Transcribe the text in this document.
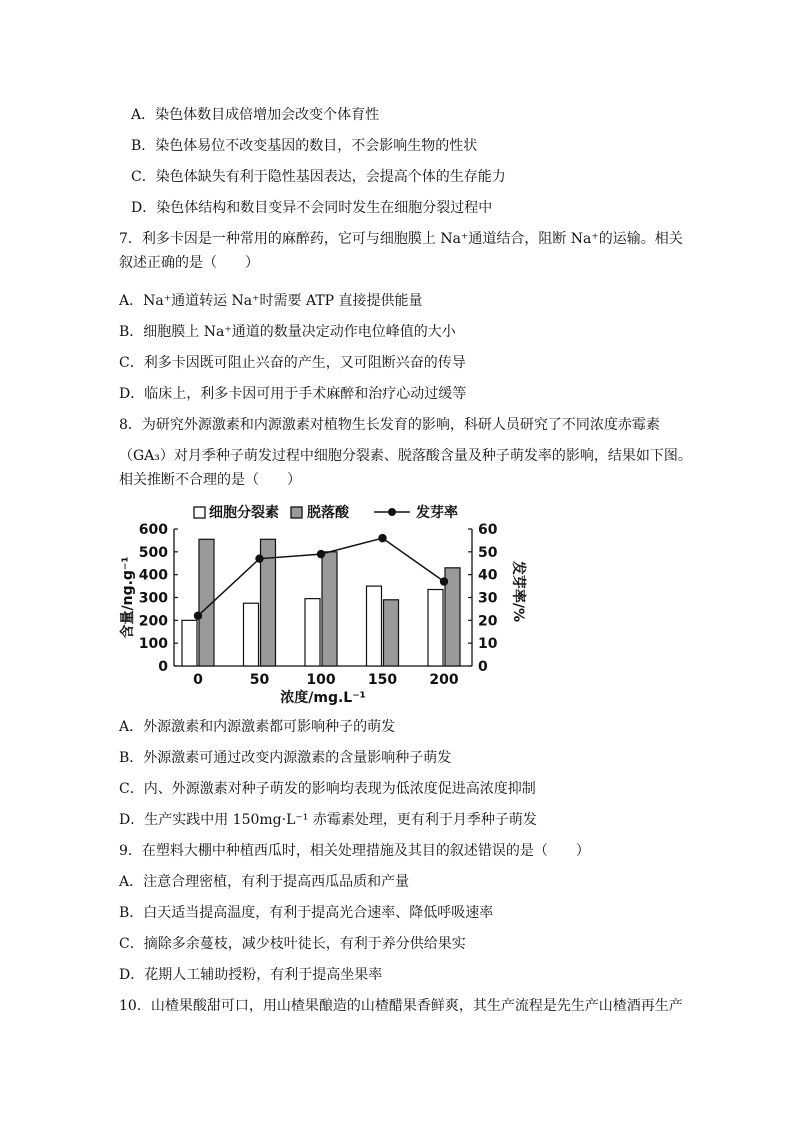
A．染色体数目成倍增加会改变个体育性
B．染色体易位不改变基因的数目，不会影响生物的性状
C．染色体缺失有利于隐性基因表达，会提高个体的生存能力
D．染色体结构和数目变异不会同时发生在细胞分裂过程中
7．利多卡因是一种常用的麻醉药，它可与细胞膜上 Na⁺通道结合，阻断 Na⁺的运输。相关
叙述正确的是（　　）
A．Na⁺通道转运 Na⁺时需要 ATP 直接提供能量
B．细胞膜上 Na⁺通道的数量决定动作电位峰值的大小
C．利多卡因既可阻止兴奋的产生，又可阻断兴奋的传导
D．临床上，利多卡因可用于手术麻醉和治疗心动过缓等
8．为研究外源激素和内源激素对植物生长发育的影响，科研人员研究了不同浓度赤霉素
（GA₃）对月季种子萌发过程中细胞分裂素、脱落酸含量及种子萌发率的影响，结果如下图。
相关推断不合理的是（　　）
细胞分裂素 脱落酸	发芽率
0
100
200
300
400
500
600
0
10
20
30
40
50
60
0	50	100 150 200
浓度/mg.L⁻¹
含量/ng.g⁻¹	发芽率/%
A．外源激素和内源激素都可影响种子的萌发
B．外源激素可通过改变内源激素的含量影响种子萌发
C．内、外源激素对种子萌发的影响均表现为低浓度促进高浓度抑制
D．生产实践中用 150mg·L⁻¹ 赤霉素处理，更有利于月季种子萌发
9．在塑料大棚中种植西瓜时，相关处理措施及其目的叙述错误的是（　　）
A．注意合理密植，有利于提高西瓜品质和产量
B．白天适当提高温度，有利于提高光合速率、降低呼吸速率
C．摘除多余蔓枝，减少枝叶徒长，有利于养分供给果实
D．花期人工辅助授粉，有利于提高坐果率
10．山楂果酸甜可口，用山楂果酿造的山楂醋果香鲜爽，其生产流程是先生产山楂酒再生产
